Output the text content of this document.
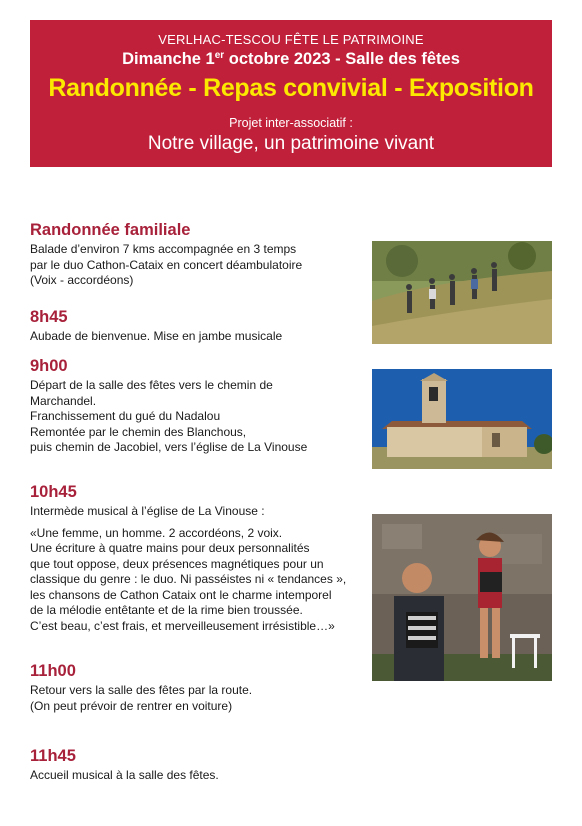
VERLHAC-TESCOU FÊTE LE PATRIMOINE
Dimanche 1er octobre 2023 - Salle des fêtes
Randonnée - Repas convivial - Exposition
Projet inter-associatif :
Notre village, un patrimoine vivant
Randonnée familiale

Balade d’environ 7 kms accompagnée en 3 temps

par le duo Cathon-Cataix en concert déambulatoire

(Voix - accordéons)

8h45

Aubade de bienvenue. Mise en jambe musicale

9h00

Départ de la salle des fêtes vers le chemin de

Marchandel.

Franchissement du gué du Nadalou

Remontée par le chemin des Blanchous,

puis chemin de Jacobiel, vers l’église de La Vinouse

10h45

Intermède musical à l’église de La Vinouse :

«Une femme, un homme. 2 accordéons, 2 voix.

Une écriture à quatre mains pour deux personnalités

que tout oppose, deux présences magnétiques pour un

classique du genre : le duo. Ni passéistes ni « tendances »,

les chansons de Cathon Cataix ont le charme intemporel

de la mélodie entêtante et de la rime bien troussée.

C’est beau, c’est frais, et merveilleusement irrésistible…»

11h00

Retour vers la salle des fêtes par la route.

(On peut prévoir de rentrer en voiture)

11h45

Accueil musical à la salle des fêtes.
